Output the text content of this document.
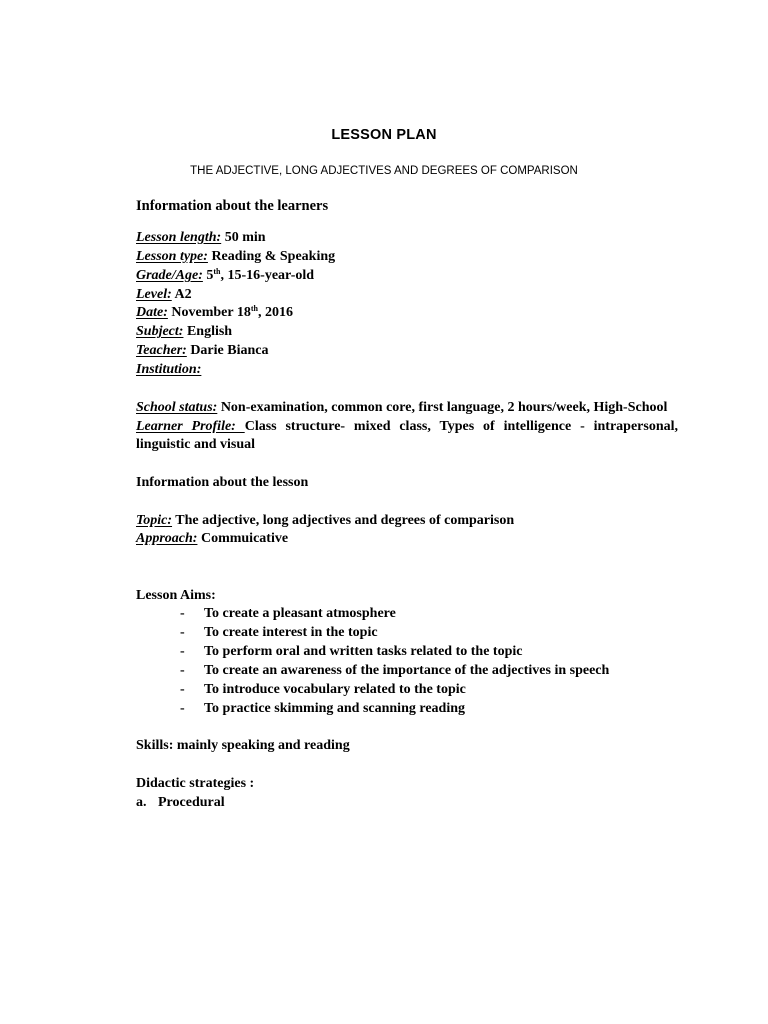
LESSON PLAN
THE ADJECTIVE, LONG ADJECTIVES AND DEGREES OF COMPARISON
Information about the learners
Lesson length: 50 min
Lesson type: Reading & Speaking
Grade/Age: 5th, 15-16-year-old
Level: A2
Date: November 18th, 2016
Subject: English
Teacher: Darie Bianca
Institution:
School status: Non-examination, common core, first language, 2 hours/week, High-School
Learner Profile: Class structure- mixed class, Types of intelligence - intrapersonal,
linguistic and visual
Information about the lesson
Topic: The adjective, long adjectives and degrees of comparison
Approach: Commuicative
Lesson Aims:
- To create a pleasant atmosphere
- To create interest in the topic
- To perform oral and written tasks related to the topic
- To create an awareness of the importance of the adjectives in speech
- To introduce vocabulary related to the topic
- To practice skimming and scanning reading
Skills: mainly speaking and reading
Didactic strategies :
a. Procedural
